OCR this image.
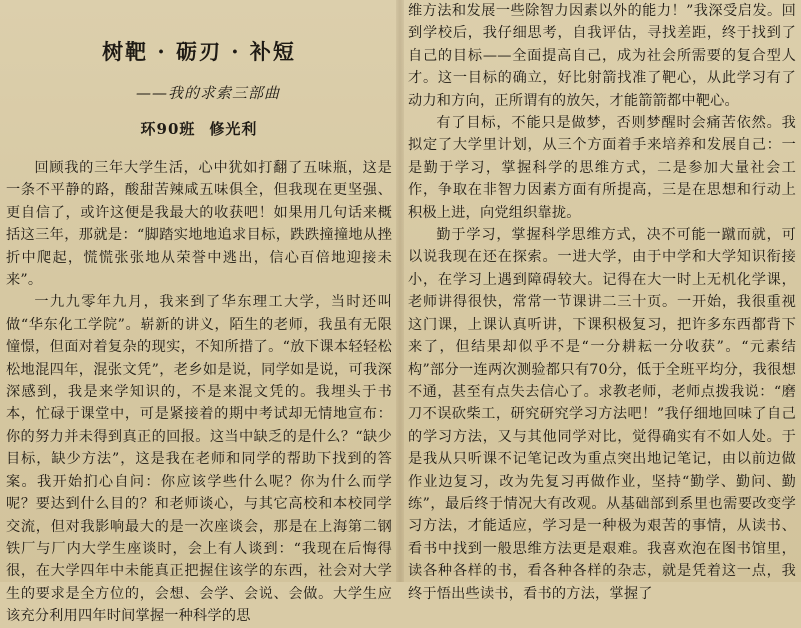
树靶 · 砺刃 · 补短
——我的求索三部曲
环90班 修光利

回顾我的三年大学生活，心中犹如打翻了五味瓶，这是一条不平静的路，酸甜苦辣咸五味俱全，但我现在更坚强、更自信了，或许这便是我最大的收获吧！如果用几句话来概括这三年，那就是：“脚踏实地地追求目标，跌跌撞撞地从挫折中爬起，慌慌张张地从荣誉中逃出，信心百倍地迎接未来”。

一九九零年九月，我来到了华东理工大学，当时还叫做“华东化工学院”。崭新的讲义，陌生的老师，我虽有无限憧憬，但面对着复杂的现实，不知所措了。“放下课本轻轻松松地混四年，混张文凭”，老乡如是说，同学如是说，可我深深感到，我是来学知识的，不是来混文凭的。我埋头于书本，忙碌于课堂中，可是紧接着的期中考试却无情地宣布：你的努力并未得到真正的回报。这当中缺乏的是什么？“缺少目标，缺少方法”，这是我在老师和同学的帮助下找到的答案。我开始扪心自问：你应该学些什么呢？你为什么而学呢？要达到什么目的？和老师谈心，与其它高校和本校同学交流，但对我影响最大的是一次座谈会，那是在上海第二钢铁厂与厂内大学生座谈时，会上有人谈到：“我现在后悔得很，在大学四年中未能真正把握住该学的东西，社会对大学生的要求是全方位的，会想、会学、会说、会做。大学生应该充分利用四年时间掌握一种科学的思

维方法和发展一些除智力因素以外的能力！”我深受启发。回到学校后，我仔细思考，自我评估，寻找差距，终于找到了自己的目标——全面提高自己，成为社会所需要的复合型人才。这一目标的确立，好比射箭找准了靶心，从此学习有了动力和方向，正所谓有的放矢，才能箭箭都中靶心。

有了目标，不能只是做梦，否则梦醒时会痛苦依然。我拟定了大学里计划，从三个方面着手来培养和发展自己：一是勤于学习，掌握科学的思维方式，二是参加大量社会工作，争取在非智力因素方面有所提高，三是在思想和行动上积极上进，向党组织靠拢。

勤于学习，掌握科学思维方式，决不可能一蹴而就，可以说我现在还在探索。一进大学，由于中学和大学知识衔接小，在学习上遇到障碍较大。记得在大一时上无机化学课，老师讲得很快，常常一节课讲二三十页。一开始，我很重视这门课，上课认真听讲，下课积极复习，把许多东西都背下来了，但结果却似乎不是“一分耕耘一分收获”。“元素结构”部分一连两次测验都只有70分，低于全班平均分，我很想不通，甚至有点失去信心了。求教老师，老师点拨我说：“磨刀不误砍柴工，研究研究学习方法吧！”我仔细地回味了自己的学习方法，又与其他同学对比，觉得确实有不如人处。于是我从只听课不记笔记改为重点突出地记笔记，由以前边做作业边复习，改为先复习再做作业，坚持“勤学、勤问、勤练”，最后终于情况大有改观。从基础部到系里也需要改变学习方法，才能适应，学习是一种极为艰苦的事情，从读书、看书中找到一般思维方法更是艰难。我喜欢泡在图书馆里，读各种各样的书，看各种各样的杂志，就是凭着这一点，我终于悟出些读书，看书的方法，掌握了
